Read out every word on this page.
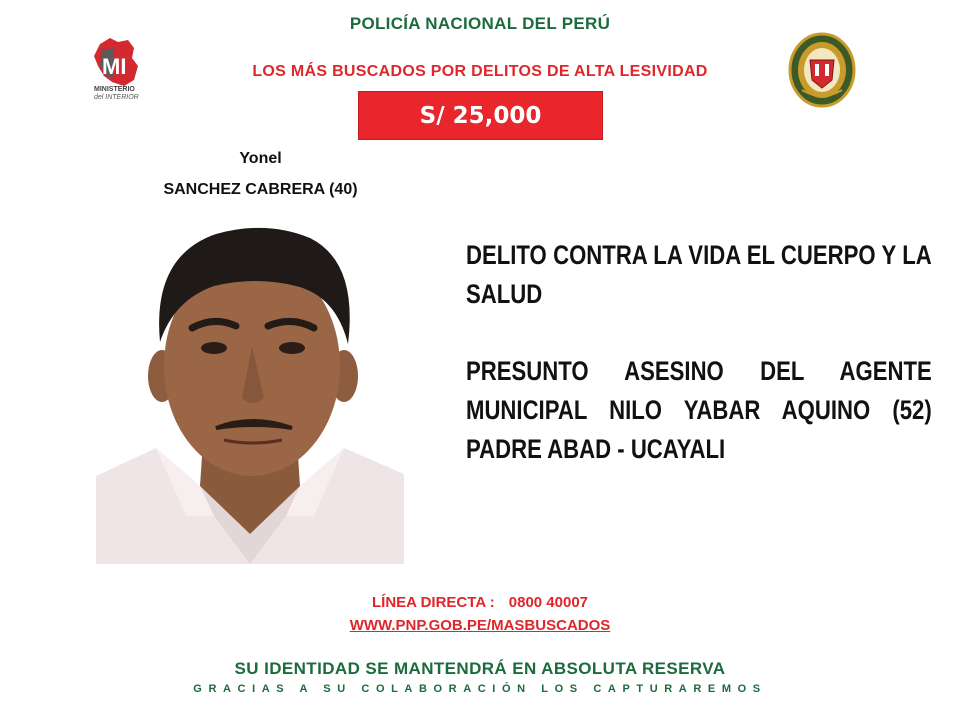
POLICÍA NACIONAL DEL PERÚ
LOS MÁS BUSCADOS POR DELITOS DE ALTA LESIVIDAD
MI
MINISTERIO
del INTERIOR
S/ 25,000
Yonel
SANCHEZ CABRERA (40)
DELITO CONTRA LA VIDA EL CUERPO Y LA SALUD
PRESUNTO ASESINO DEL AGENTE MUNICIPAL NILO YABAR AQUINO (52) PADRE ABAD - UCAYALI
LÍNEA DIRECTA : 0800 40007
WWW.PNP.GOB.PE/MASBUSCADOS
SU IDENTIDAD SE MANTENDRÁ EN ABSOLUTA RESERVA
GRACIAS A SU COLABORACIÓN LOS CAPTURAREMOS
